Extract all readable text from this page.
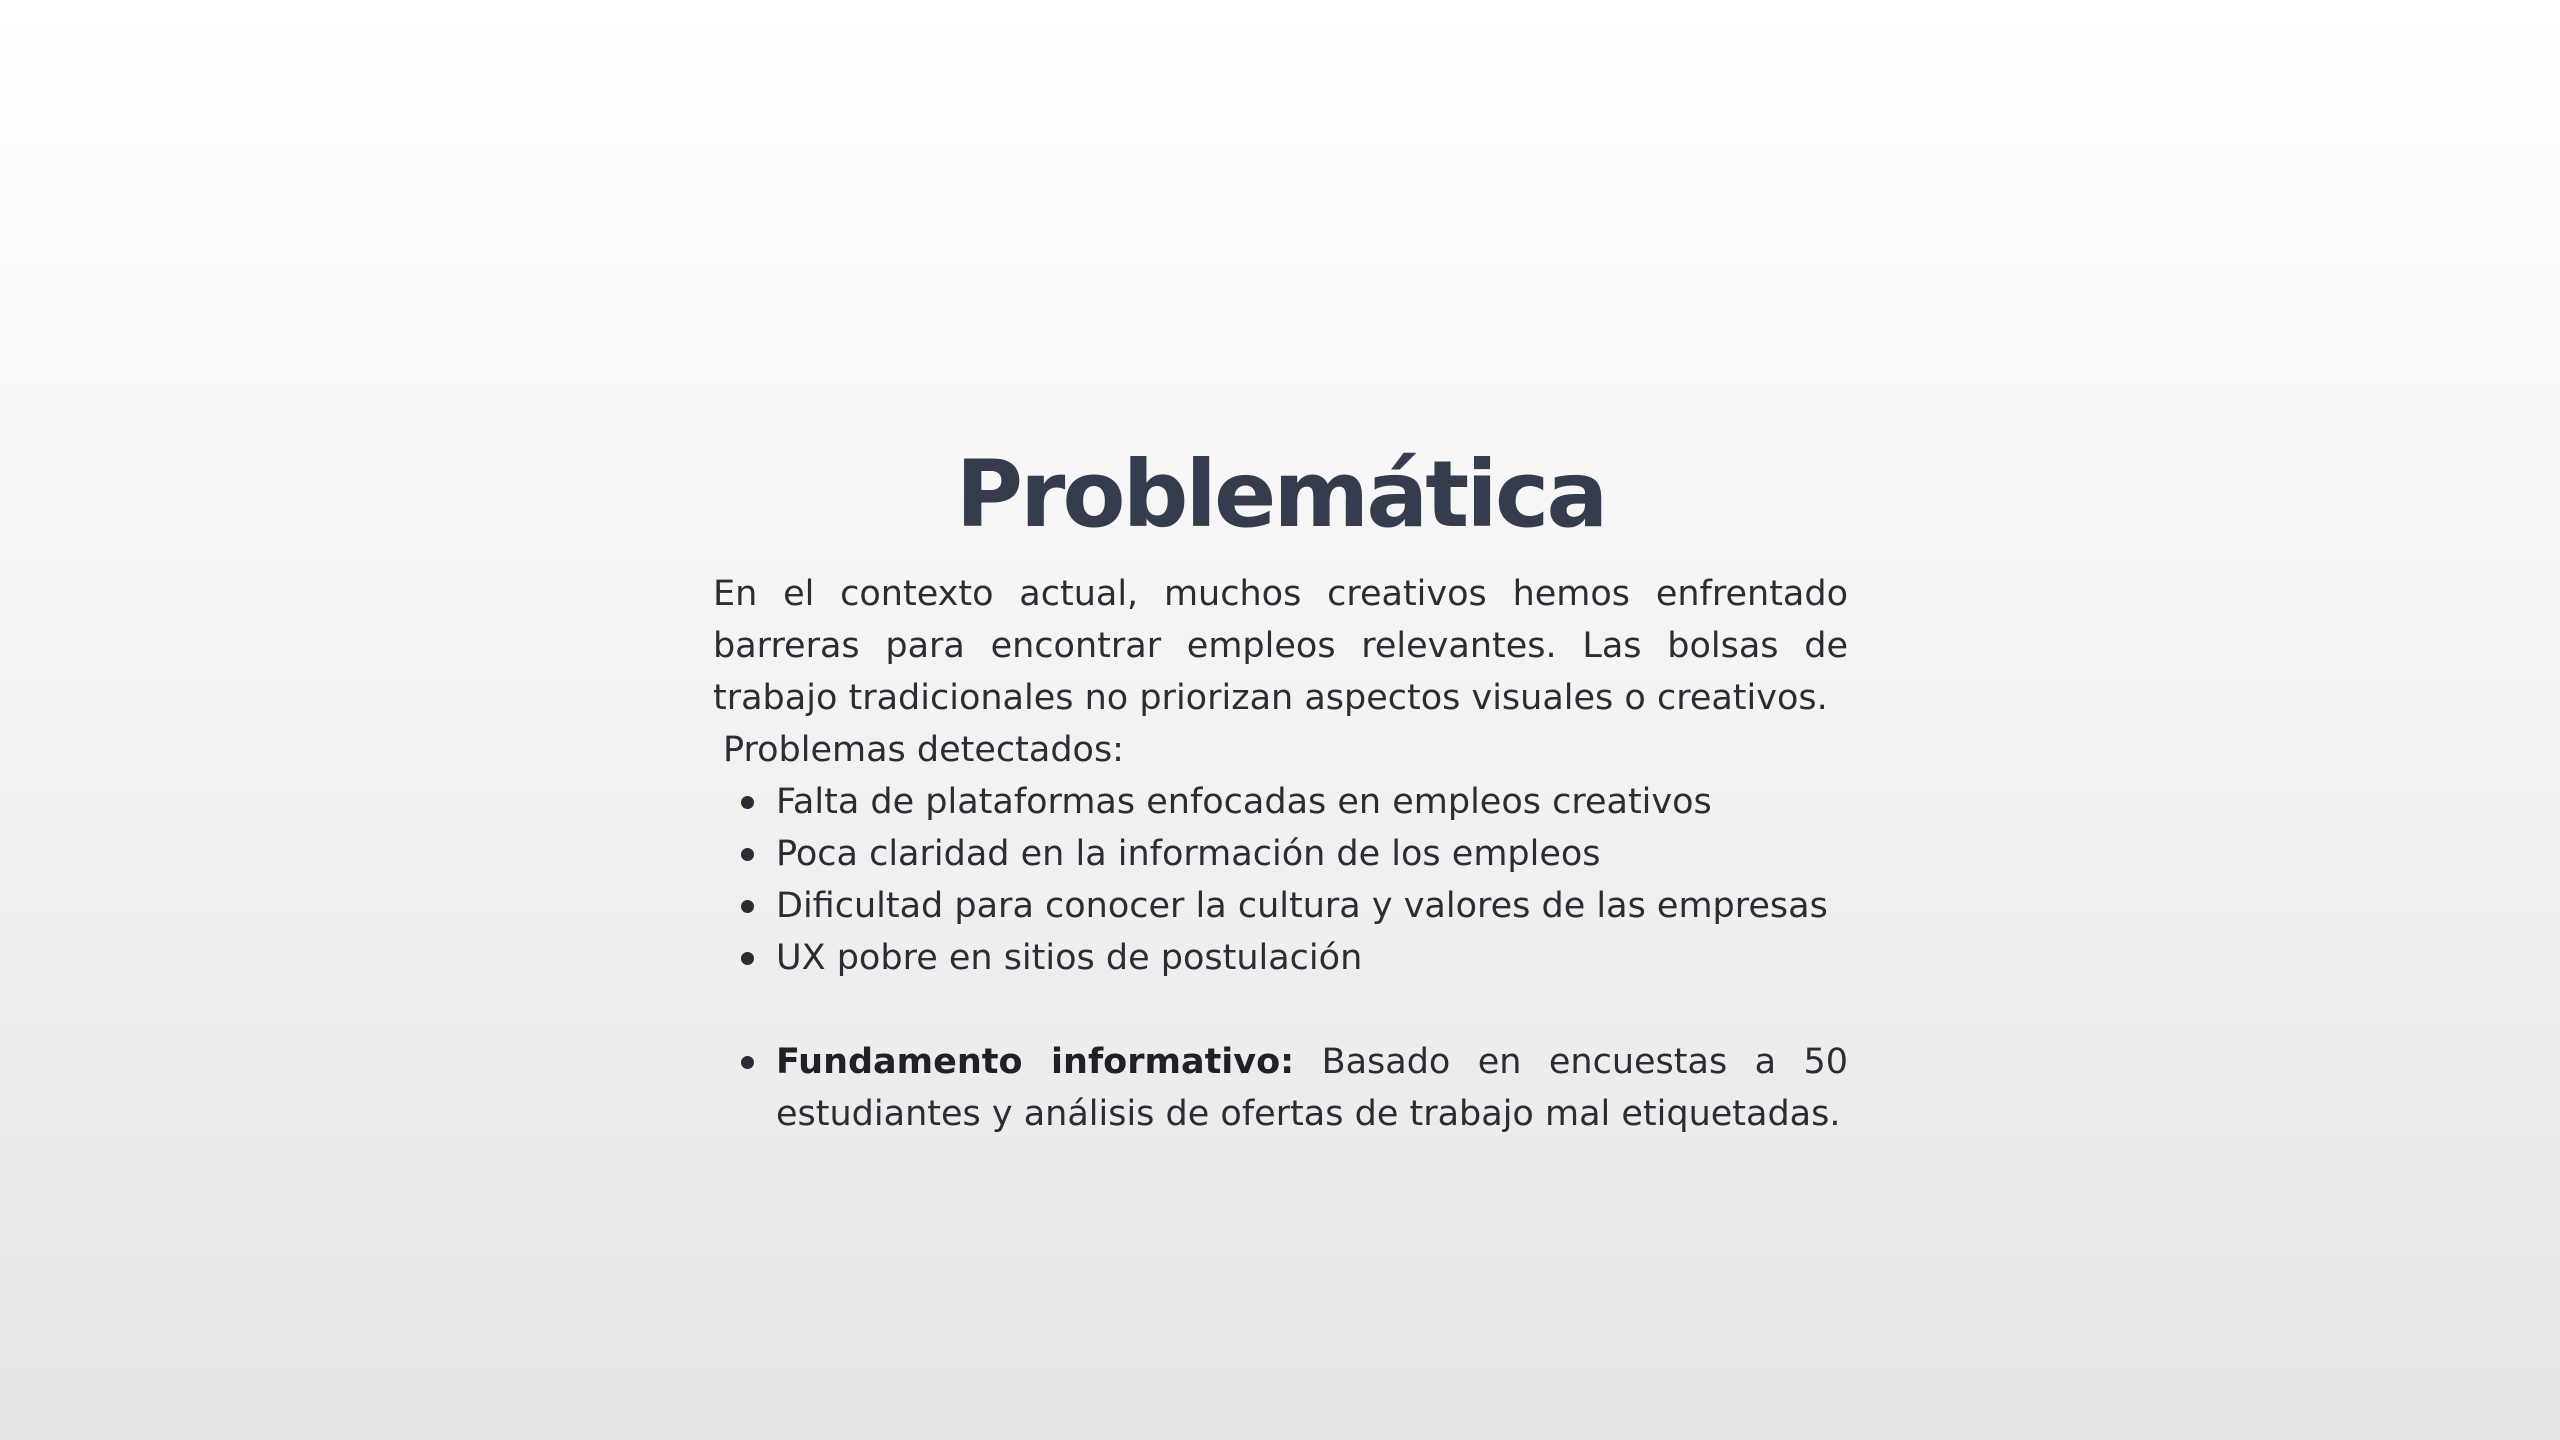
Problemática

En el contexto actual, muchos creativos hemos enfrentado barreras para encontrar empleos relevantes. Las bolsas de trabajo tradicionales no priorizan aspectos visuales o creativos.

Problemas detectados:

Falta de plataformas enfocadas en empleos creativos
Poca claridad en la información de los empleos
Dificultad para conocer la cultura y valores de las empresas
UX pobre en sitios de postulación
Fundamento informativo: Basado en encuestas a 50 estudiantes y análisis de ofertas de trabajo mal etiquetadas.
